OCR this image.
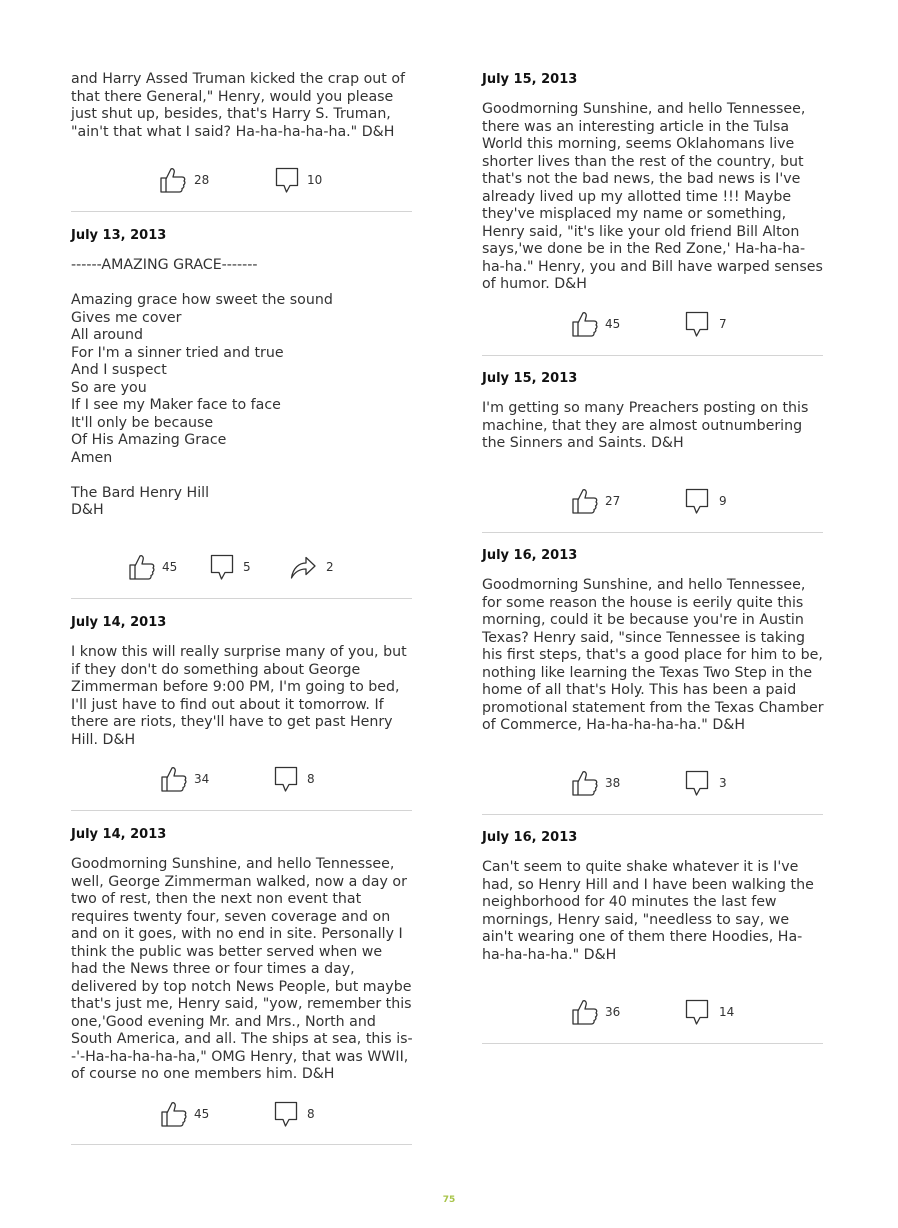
and Harry Assed Truman kicked the crap out of that there General," Henry, would you please just shut up, besides, that's Harry S. Truman, "ain't that what I said? Ha-ha-ha-ha-ha." D&H
28	10
July 13, 2013
------AMAZING GRACE-------

Amazing grace how sweet the sound
Gives me cover
All around
For I'm a sinner tried and true
And I suspect
So are you
If I see my Maker face to face
It'll only be because
Of His Amazing Grace
Amen

The Bard Henry Hill
D&H
45	5	2
July 14, 2013
I know this will really surprise many of you, but if they don't do something about George Zimmerman before 9:00 PM, I'm going to bed, I'll just have to find out about it tomorrow. If there are riots, they'll have to get past Henry Hill. D&H
34	8
July 14, 2013
Goodmorning Sunshine, and hello Tennessee, well, George Zimmerman walked, now a day or two of rest, then the next non event that requires twenty four, seven coverage and on and on it goes, with no end in site. Personally I think the public was better served when we had the News three or four times a day, delivered by top notch News People, but maybe that's just me, Henry said, "yow, remember this one,'Good evening Mr. and Mrs., North and South America, and all. The ships at sea, this is--'-Ha-ha-ha-ha-ha," OMG Henry, that was WWII, of course no one members him. D&H
45	8
July 15, 2013
Goodmorning Sunshine, and hello Tennessee, there was an interesting article in the Tulsa World this morning, seems Oklahomans live shorter lives than the rest of the country, but that's not the bad news, the bad news is I've already lived up my allotted time !!! Maybe they've misplaced my name or something, Henry said, "it's like your old friend Bill Alton says,'we done be in the Red Zone,' Ha-ha-ha-ha-ha." Henry, you and Bill have warped senses of humor. D&H
45	7
July 15, 2013
I'm getting so many Preachers posting on this machine, that they are almost outnumbering the Sinners and Saints. D&H
27	9
July 16, 2013
Goodmorning Sunshine, and hello Tennessee, for some reason the house is eerily quite this morning, could it be because you're in Austin Texas? Henry said, "since Tennessee is taking his first steps, that's a good place for him to be, nothing like learning the Texas Two Step in the home of all that's Holy. This has been a paid promotional statement from the Texas Chamber of Commerce, Ha-ha-ha-ha-ha." D&H
38	3
July 16, 2013
Can't seem to quite shake whatever it is I've had, so Henry Hill and I have been walking the neighborhood for 40 minutes the last few mornings, Henry said, "needless to say, we ain't wearing one of them there Hoodies, Ha-ha-ha-ha-ha." D&H
36	14
75
